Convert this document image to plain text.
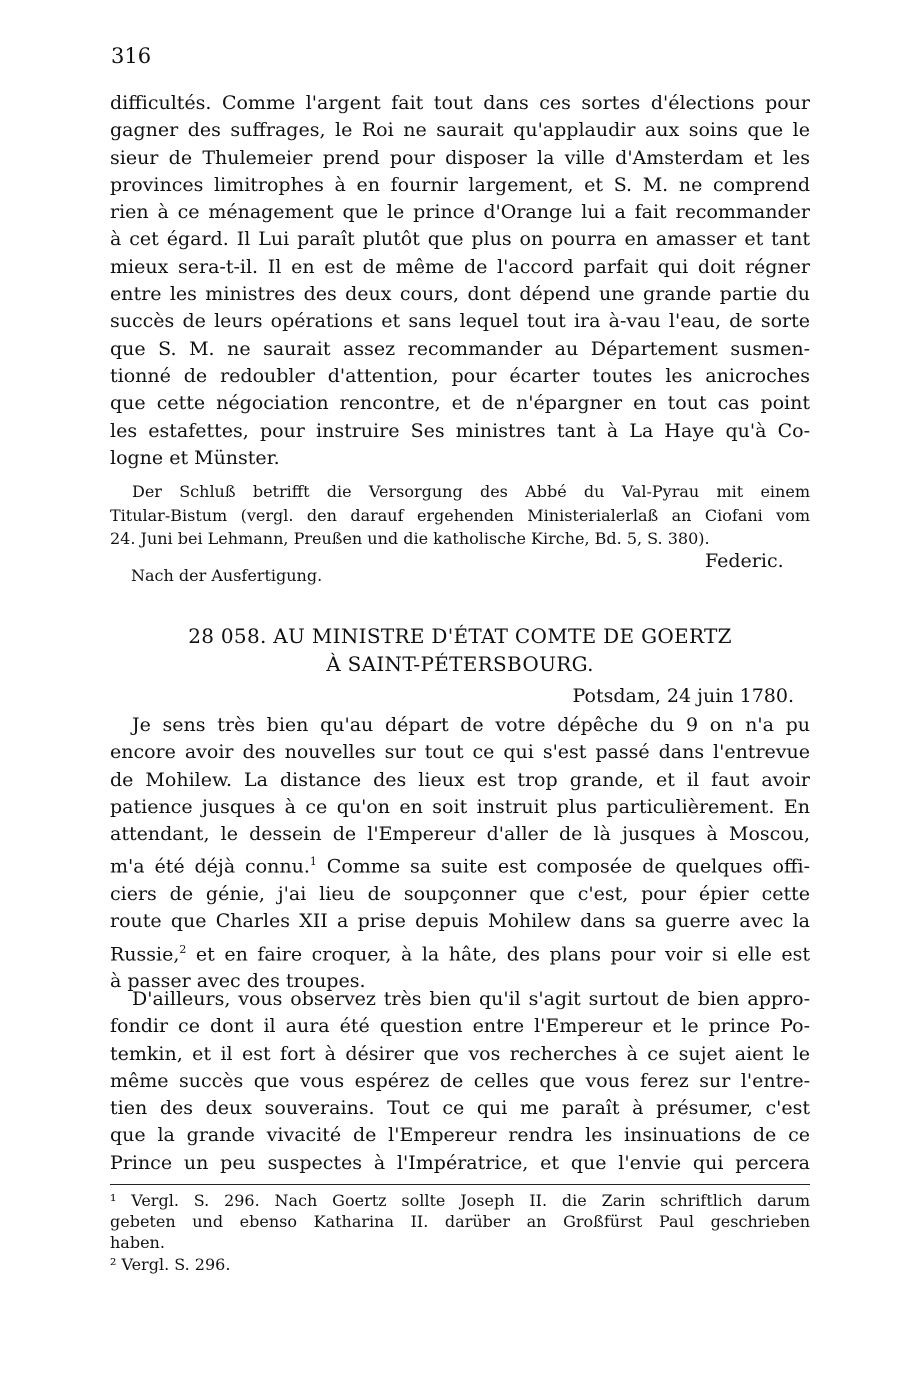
316
difficultés. Comme l'argent fait tout dans ces sortes d'élections pour
gagner des suffrages, le Roi ne saurait qu'applaudir aux soins que le
sieur de Thulemeier prend pour disposer la ville d'Amsterdam et les
provinces limitrophes à en fournir largement, et S. M. ne comprend
rien à ce ménagement que le prince d'Orange lui a fait recommander
à cet égard. Il Lui paraît plutôt que plus on pourra en amasser et tant
mieux sera-t-il. Il en est de même de l'accord parfait qui doit régner
entre les ministres des deux cours, dont dépend une grande partie du
succès de leurs opérations et sans lequel tout ira à-vau l'eau, de sorte
que S. M. ne saurait assez recommander au Département susmen-
tionné de redoubler d'attention, pour écarter toutes les anicroches
que cette négociation rencontre, et de n'épargner en tout cas point
les estafettes, pour instruire Ses ministres tant à La Haye qu'à Co-
logne et Münster.
Der Schluß betrifft die Versorgung des Abbé du Val-Pyrau mit einem
Titular-Bistum (vergl. den darauf ergehenden Ministerialerlaß an Ciofani vom
24. Juni bei Lehmann, Preußen und die katholische Kirche, Bd. 5, S. 380).
Federic.
Nach der Ausfertigung.
28 058. AU MINISTRE D'ÉTAT COMTE DE GOERTZ
À SAINT-PÉTERSBOURG.
Potsdam, 24 juin 1780.
Je sens très bien qu'au départ de votre dépêche du 9 on n'a pu
encore avoir des nouvelles sur tout ce qui s'est passé dans l'entrevue
de Mohilew. La distance des lieux est trop grande, et il faut avoir
patience jusques à ce qu'on en soit instruit plus particulièrement. En
attendant, le dessein de l'Empereur d'aller de là jusques à Moscou,
m'a été déjà connu.$^1$ Comme sa suite est composée de quelques offi-
ciers de génie, j'ai lieu de soupçonner que c'est, pour épier cette
route que Charles XII a prise depuis Mohilew dans sa guerre avec la
Russie,$^2$ et en faire croquer, à la hâte, des plans pour voir si elle est
à passer avec des troupes.
D'ailleurs, vous observez très bien qu'il s'agit surtout de bien appro-
fondir ce dont il aura été question entre l'Empereur et le prince Po-
temkin, et il est fort à désirer que vos recherches à ce sujet aient le
même succès que vous espérez de celles que vous ferez sur l'entre-
tien des deux souverains. Tout ce qui me paraît à présumer, c'est
que la grande vivacité de l'Empereur rendra les insinuations de ce
Prince un peu suspectes à l'Impératrice, et que l'envie qui percera
¹ Vergl. S. 296. Nach Goertz sollte Joseph II. die Zarin schriftlich darum
gebeten und ebenso Katharina II. darüber an Großfürst Paul geschrieben
haben.
² Vergl. S. 296.
